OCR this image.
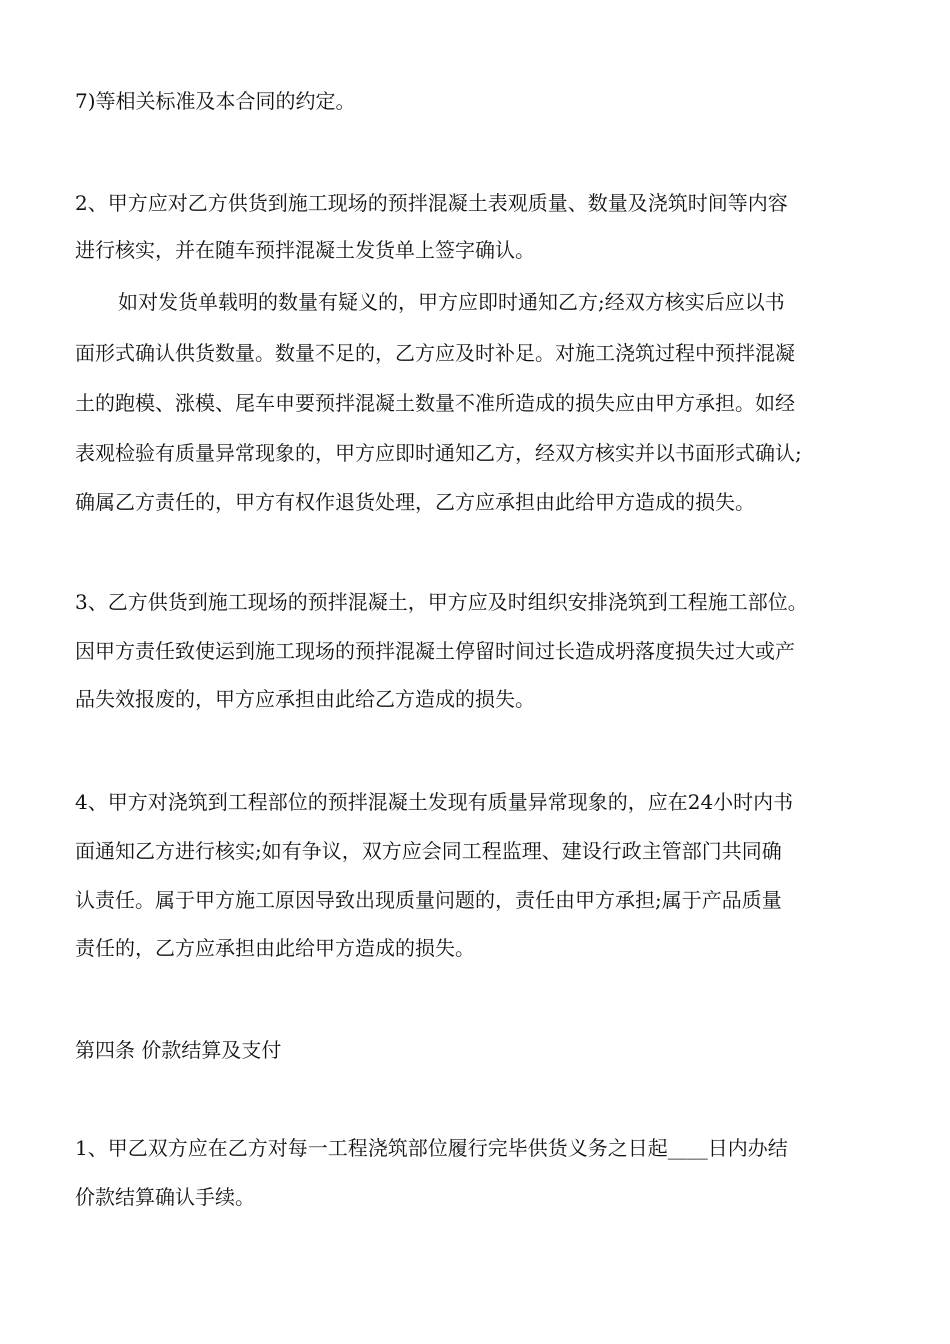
7)等相关标准及本合同的约定。
2、甲方应对乙方供货到施工现场的预拌混凝土表观质量、数量及浇筑时间等内容
进行核实，并在随车预拌混凝土发货单上签字确认。
如对发货单载明的数量有疑义的，甲方应即时通知乙方;经双方核实后应以书
面形式确认供货数量。数量不足的，乙方应及时补足。对施工浇筑过程中预拌混凝
土的跑模、涨模、尾车申要预拌混凝土数量不准所造成的损失应由甲方承担。如经
表观检验有质量异常现象的，甲方应即时通知乙方，经双方核实并以书面形式确认;
确属乙方责任的，甲方有权作退货处理，乙方应承担由此给甲方造成的损失。
3、乙方供货到施工现场的预拌混凝土，甲方应及时组织安排浇筑到工程施工部位。
因甲方责任致使运到施工现场的预拌混凝土停留时间过长造成坍落度损失过大或产
品失效报废的，甲方应承担由此给乙方造成的损失。
4、甲方对浇筑到工程部位的预拌混凝土发现有质量异常现象的，应在24小时内书
面通知乙方进行核实;如有争议，双方应会同工程监理、建设行政主管部门共同确
认责任。属于甲方施工原因导致出现质量问题的，责任由甲方承担;属于产品质量
责任的，乙方应承担由此给甲方造成的损失。
第四条 价款结算及支付
1、甲乙双方应在乙方对每一工程浇筑部位履行完毕供货义务之日起____日内办结
价款结算确认手续。
